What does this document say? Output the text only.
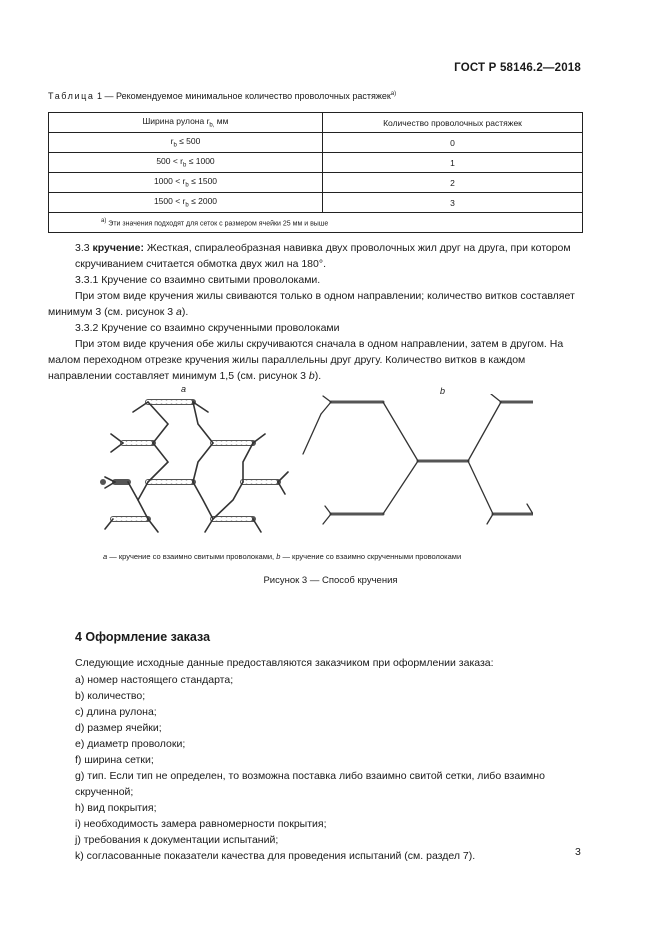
ГОСТ Р 58146.2—2018
Таблица 1 — Рекомендуемое минимальное количество проволочных растяжек$^{a)}$
Ширина рулона $r_{b,}$ мм	Количество проволочных растяжек
$r_b \le 500$	0
$500 < r_b \le 1000$	1
$1000 < r_b \le 1500$	2
$1500 < r_b \le 2000$	3
$^{a)}$ Эти значения подходят для сеток с размером ячейки 25 мм и выше	
3.3 кручение: Жесткая, спиралеобразная навивка двух проволочных жил друг на друга, при котором скручиванием считается обмотка двух жил на 180°.
3.3.1 Кручение со взаимно свитыми проволоками.
При этом виде кручения жилы свиваются только в одном направлении; количество витков составляет минимум 3 (см. рисунок 3 а).
3.3.2 Кручение со взаимно скрученными проволоками
При этом виде кручения обе жилы скручиваются сначала в одном направлении, затем в другом. На малом переходном отрезке кручения жилы параллельны друг другу. Количество витков в каждом направлении составляет минимум 1,5 (см. рисунок 3 b).
a	b
а — кручение со взаимно свитыми проволоками, b — кручение со взаимно скрученными проволоками
Рисунок 3 — Способ кручения
4 Оформление заказа
Следующие исходные данные предоставляются заказчиком при оформлении заказа:
a) номер настоящего стандарта;
b) количество;
c) длина рулона;
d) размер ячейки;
e) диаметр проволоки;
f) ширина сетки;
g) тип. Если тип не определен, то возможна поставка либо взаимно свитой сетки, либо взаимно скрученной;
h) вид покрытия;
i) необходимость замера равномерности покрытия;
j) требования к документации испытаний;
k) согласованные показатели качества для проведения испытаний (см. раздел 7).	3
